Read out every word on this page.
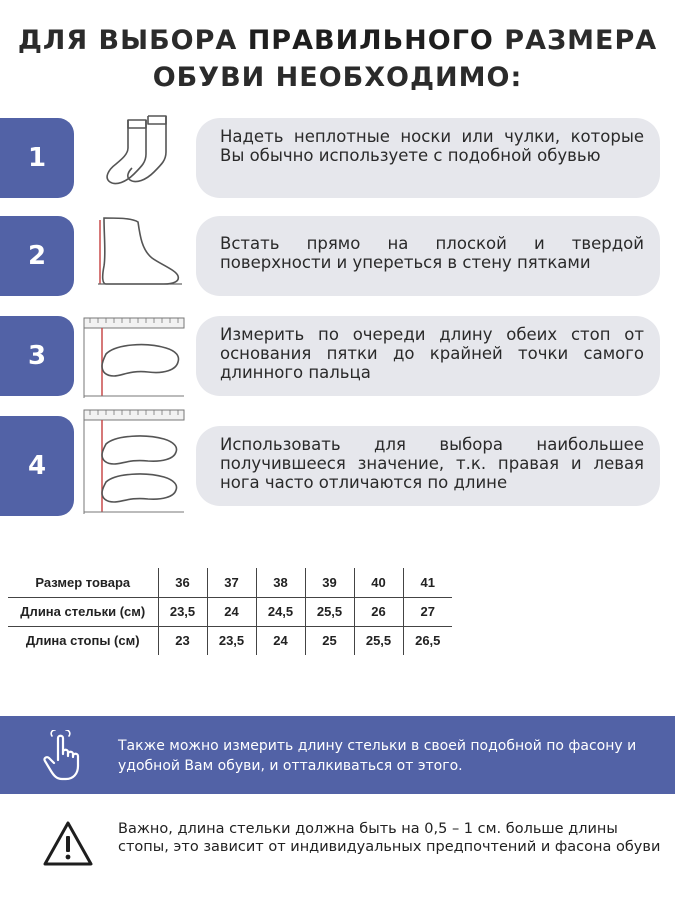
ДЛЯ ВЫБОРА ПРАВИЛЬНОГО РАЗМЕРА
ОБУВИ НЕОБХОДИМО:
1
Надеть неплотные носки или чулки, которые Вы обычно используете с подобной обувью
2	Встать прямо на плоской и твердой поверхности и упереться в стену пятками
3
Измерить по очереди длину обеих стоп от основания пятки до крайней точки самого длинного пальца
4
Использовать для выбора наибольшее получившееся значение, т.к. правая и левая нога часто отличаются по длине
Размер товара	36	37	38	39	40	41
Длина стельки (см)	23,5	24	24,5	25,5	26	27
Длина стопы (см)	23	23,5	24	25	25,5	26,5
Также можно измерить длину стельки в своей подобной по фасону и удобной Вам обуви, и отталкиваться от этого.
Важно, длина стельки должна быть на 0,5 – 1 см. больше длины стопы, это зависит от индивидуальных предпочтений и фасона обуви
